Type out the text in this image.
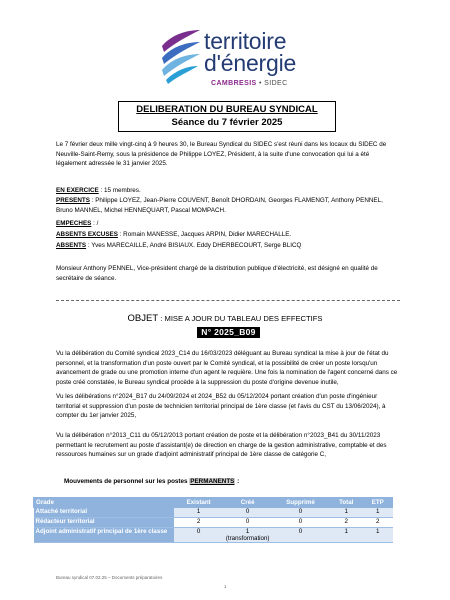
territoire
d'énergie
CAMBRESIS • SIDEC
DELIBERATION DU BUREAU SYNDICAL
Séance du 7 février 2025

Le 7 février deux mille vingt-cinq à 9 heures 30, le Bureau Syndical du SIDEC s'est réuni dans les locaux du SIDEC de Neuville-Saint-Remy, sous la présidence de Philippe LOYEZ, Président, à la suite d'une convocation qui lui a été légalement adressée le 31 janvier 2025.

EN EXERCICE : 15 membres.

PRESENTS : Philippe LOYEZ, Jean-Pierre COUVENT, Benoît DHORDAIN, Georges FLAMENGT, Anthony PENNEL, Bruno MANNEL, Michel HENNEQUART, Pascal MOMPACH.

EMPECHES : /

ABSENTS EXCUSES : Romain MANESSE, Jacques ARPIN, Didier MARECHALLE.

ABSENTS : Yves MARECAILLE, André BISIAUX. Eddy DHERBECOURT, Serge BLICQ

Monsieur Anthony PENNEL, Vice-président chargé de la distribution publique d'électricité, est désigné en qualité de secrétaire de séance.

OBJET : MISE A JOUR DU TABLEAU DES EFFECTIFS
N° 2025_B09

Vu la délibération du Comité syndical 2023_C14 du 16/03/2023 déléguant au Bureau syndical la mise à jour de l'état du personnel, et la transformation d'un poste ouvert par le Comité syndical, et la possibilité de créer un poste lorsqu'un avancement de grade ou une promotion interne d'un agent le requière. Une fois la nomination de l'agent concerné dans ce poste créé constatée, le Bureau syndical procède à la suppression du poste d'origine devenue inutile,

Vu les délibérations n°2024_B17 du 24/09/2024 et 2024_B52 du 05/12/2024 portant création d'un poste d'ingénieur territorial et suppression d'un poste de technicien territorial principal de 1ère classe (et l'avis du CST du 13/06/2024), à compter du 1er janvier 2025,

Vu la délibération n°2013_C11 du 05/12/2013 portant création de poste et la délibération n°2023_B41 du 30/11/2023 permettant le recrutement au poste d'assistant(e) de direction en charge de la gestion administrative, comptable et des ressources humaines sur un grade d'adjoint administratif principal de 1ère classe de catégorie C,

Mouvements de personnel sur les postes PERMANENTS :
Grade	Existant	Créé	Supprimé	Total	ETP
Attaché territorial	1	0	0	1	1
Rédacteur territorial	2	0	0	2	2
Adjoint administratif principal de 1ère classe	0	1 (transformation)	0	1	1
Bureau syndical 07.02.25 – Documents préparatoires
1
